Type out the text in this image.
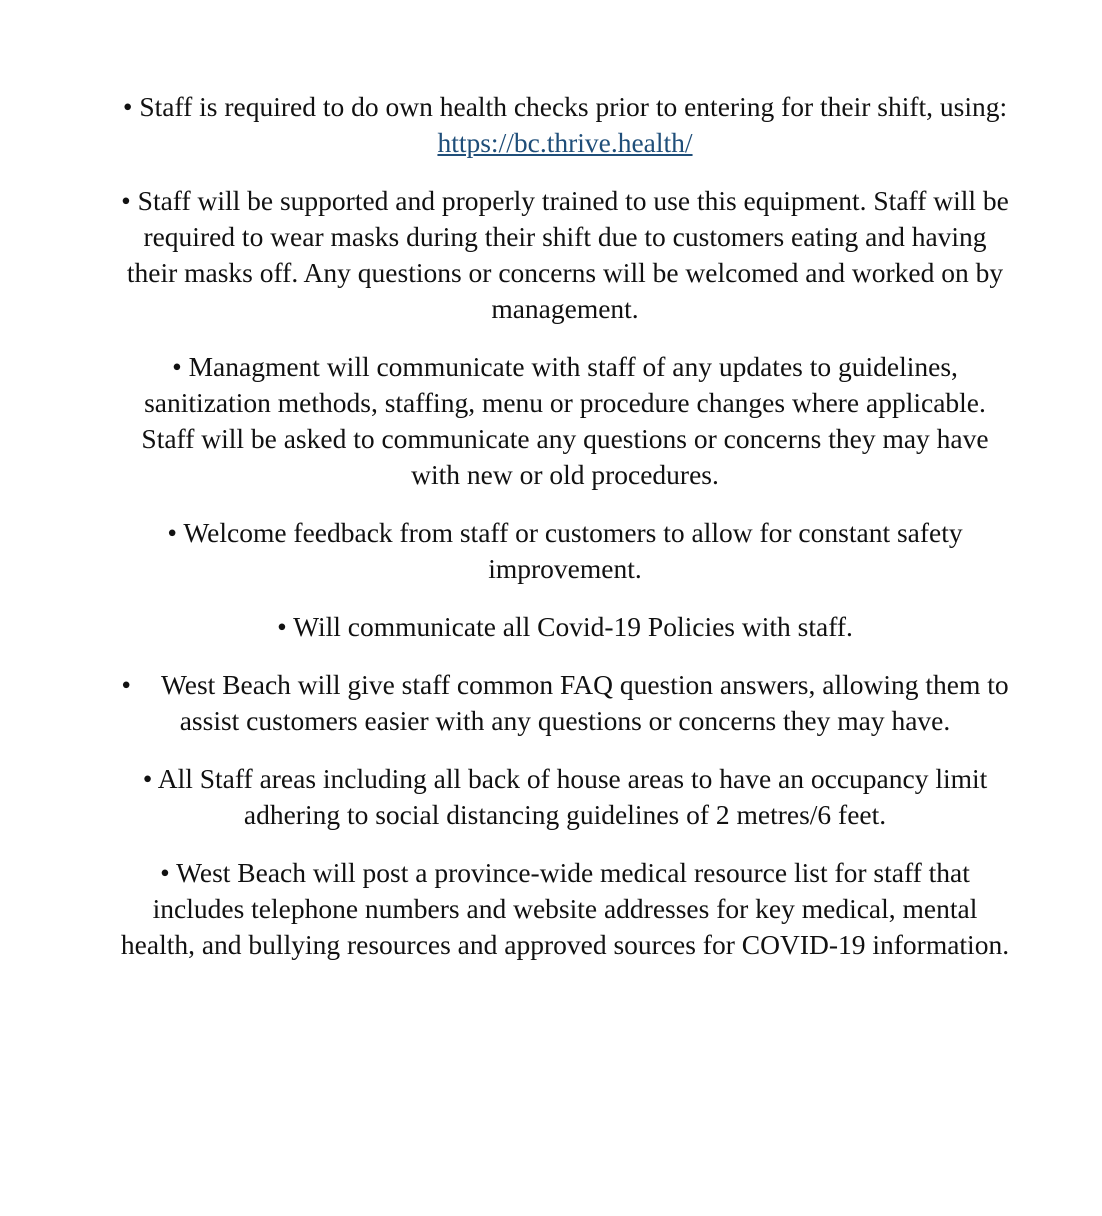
• Staff is required to do own health checks prior to entering for their shift, using: https://bc.thrive.health/

• Staff will be supported and properly trained to use this equipment. Staff will be required to wear masks during their shift due to customers eating and having their masks off. Any questions or concerns will be welcomed and worked on by management.

• Managment will communicate with staff of any updates to guidelines, sanitization methods, staffing, menu or procedure changes where applicable. Staff will be asked to communicate any questions or concerns they may have with new or old procedures.

• Welcome feedback from staff or customers to allow for constant safety improvement.

• Will communicate all Covid-19 Policies with staff.

• West Beach will give staff common FAQ question answers, allowing them to assist customers easier with any questions or concerns they may have.

• All Staff areas including all back of house areas to have an occupancy limit adhering to social distancing guidelines of 2 metres/6 feet.

• West Beach will post a province-wide medical resource list for staff that includes telephone numbers and website addresses for key medical, mental health, and bullying resources and approved sources for COVID-19 information.
